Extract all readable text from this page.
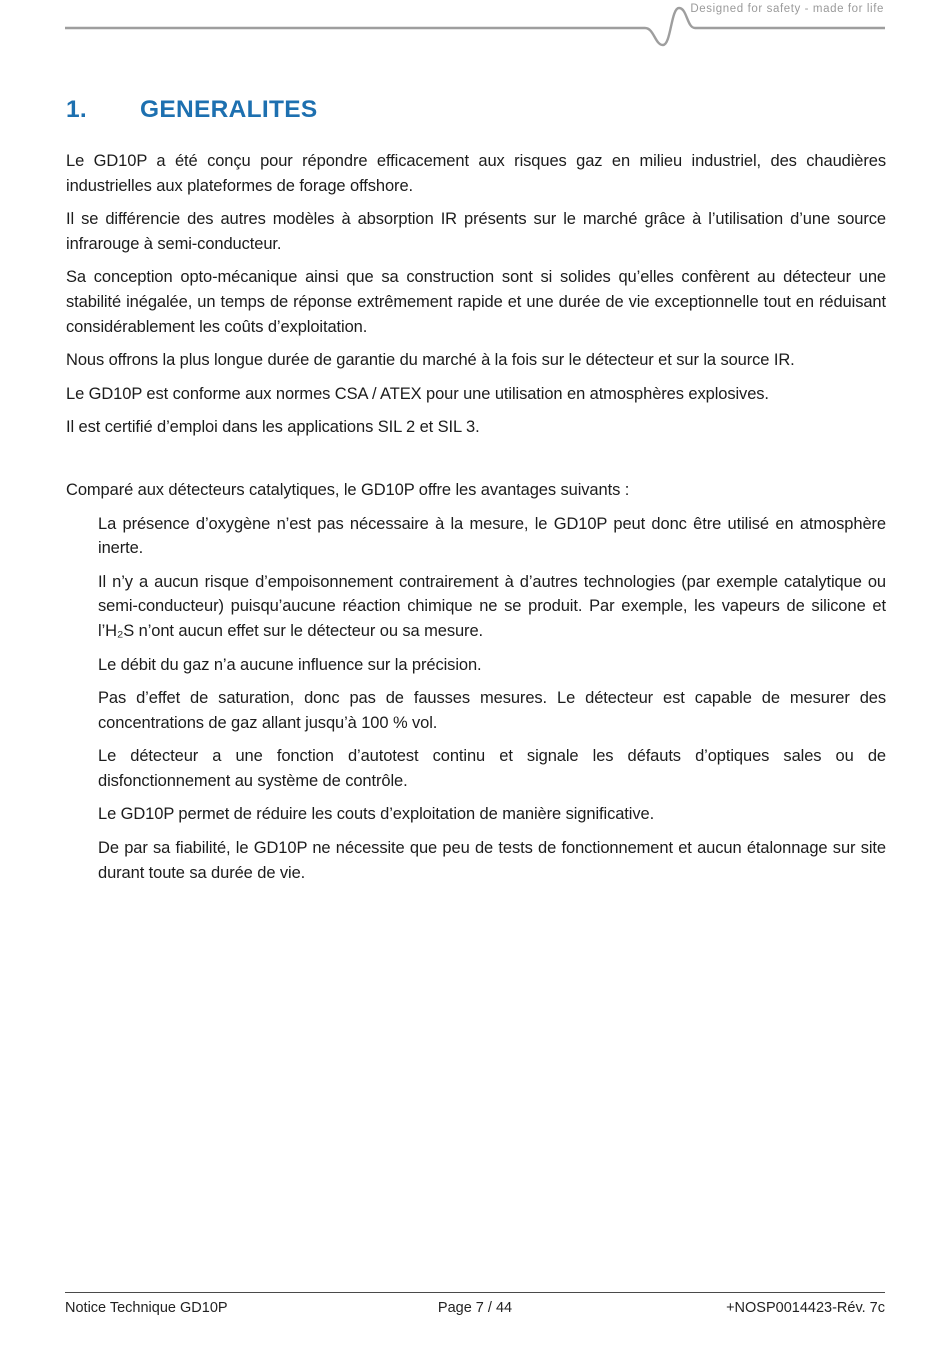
Designed for safety - made for life
1. GENERALITES

Le GD10P a été conçu pour répondre efficacement aux risques gaz en milieu industriel, des chaudières industrielles aux plateformes de forage offshore.

Il se différencie des autres modèles à absorption IR présents sur le marché grâce à l’utilisation d’une source infrarouge à semi-conducteur.

Sa conception opto-mécanique ainsi que sa construction sont si solides qu’elles confèrent au détecteur une stabilité inégalée, un temps de réponse extrêmement rapide et une durée de vie exceptionnelle tout en réduisant considérablement les coûts d’exploitation.

Nous offrons la plus longue durée de garantie du marché à la fois sur le détecteur et sur la source IR.

Le GD10P est conforme aux normes CSA / ATEX pour une utilisation en atmosphères explosives.

Il est certifié d’emploi dans les applications SIL 2 et SIL 3.

Comparé aux détecteurs catalytiques, le GD10P offre les avantages suivants :

La présence d’oxygène n’est pas nécessaire à la mesure, le GD10P peut donc être utilisé en atmosphère inerte.

Il n’y a aucun risque d’empoisonnement contrairement à d’autres technologies (par exemple catalytique ou semi-conducteur) puisqu’aucune réaction chimique ne se produit. Par exemple, les vapeurs de silicone et l’H₂S n’ont aucun effet sur le détecteur ou sa mesure.

Le débit du gaz n’a aucune influence sur la précision.

Pas d’effet de saturation, donc pas de fausses mesures. Le détecteur est capable de mesurer des concentrations de gaz allant jusqu’à 100 % vol.

Le détecteur a une fonction d’autotest continu et signale les défauts d’optiques sales ou de disfonctionnement au système de contrôle.

Le GD10P permet de réduire les couts d’exploitation de manière significative.

De par sa fiabilité, le GD10P ne nécessite que peu de tests de fonctionnement et aucun étalonnage sur site durant toute sa durée de vie.

Notice Technique GD10P	Page 7 / 44	+NOSP0014423-Rév. 7c
